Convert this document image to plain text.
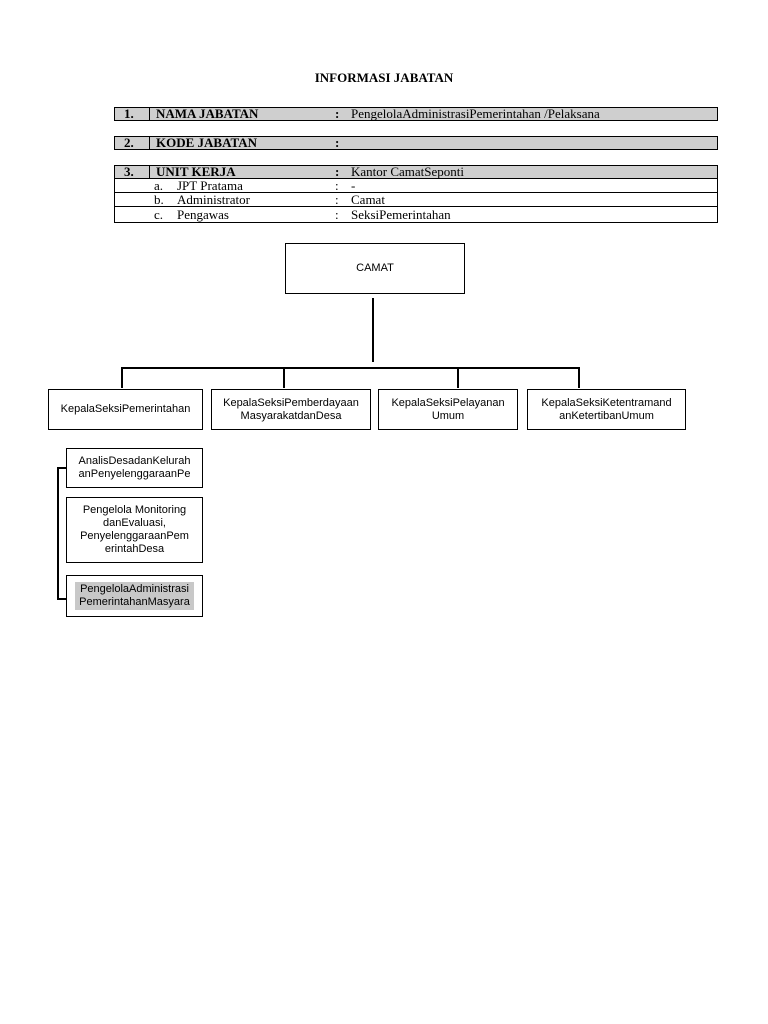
INFORMASI JABATAN
1.	NAMA JABATAN	: PengelolaAdministrasiPemerintahan /Pelaksana
2.	KODE JABATAN	:
3.	UNIT KERJA	: Kantor CamatSeponti
a. JPT Pratama	: -
b. Administrator	: Camat
c. Pengawas	: SeksiPemerintahan
CAMAT
KepalaSeksiPemerintahan
KepalaSeksiPemberdayaan MasyarakatdanDesa
KepalaSeksiPelayanan Umum
KepalaSeksiKetentramand anKetertibanUmum
AnalisDesadanKelurah anPenyelenggaraanPe
Pengelola Monitoring danEvaluasi, PenyelenggaraanPem erintahDesa
PengelolaAdministrasi PemerintahanMasyara
